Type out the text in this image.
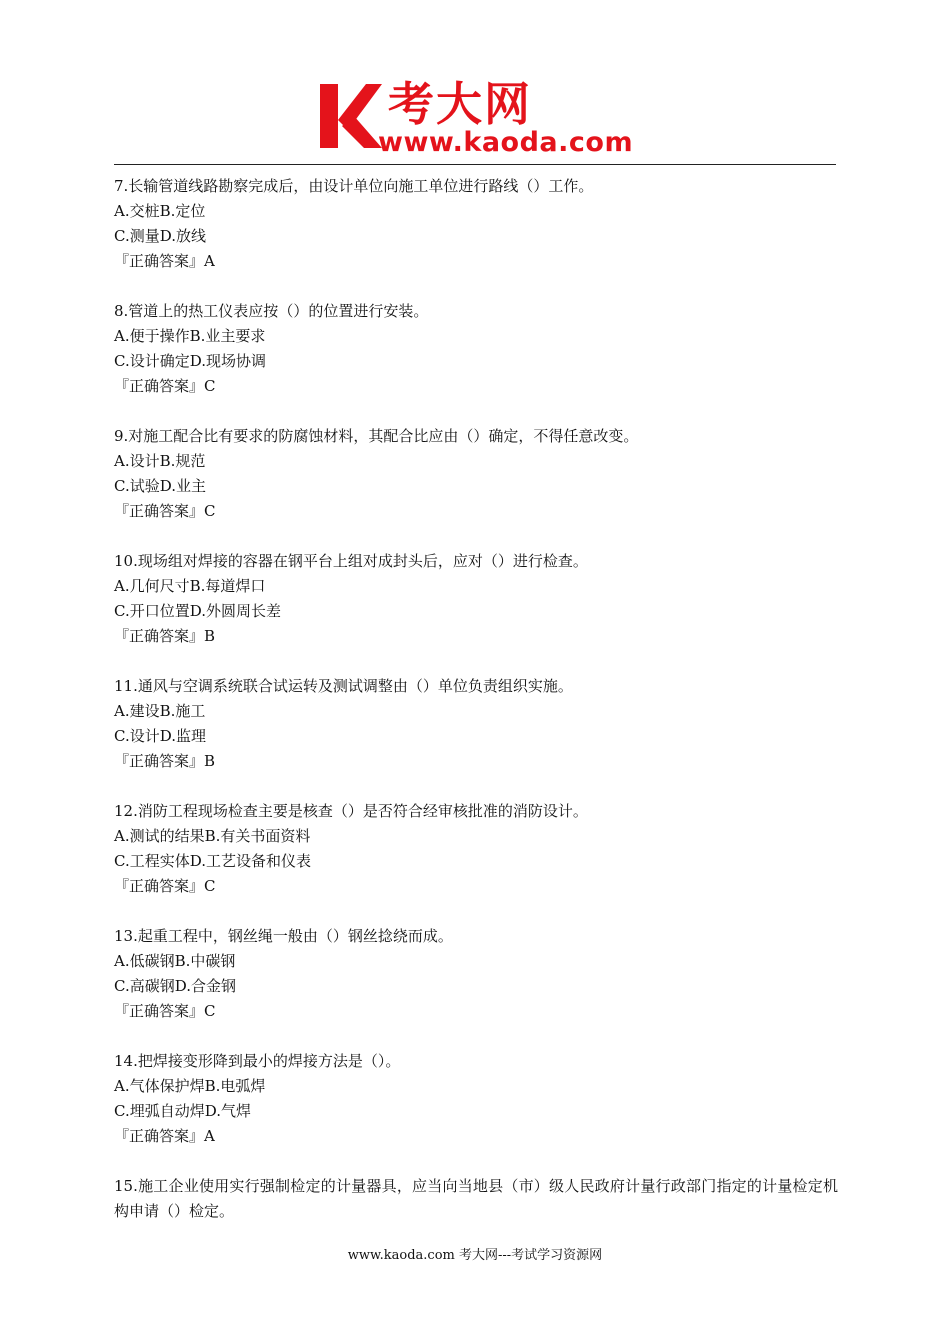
考大网
www.kaoda.com

7.长输管道线路勘察完成后，由设计单位向施工单位进行路线（）工作。

A.交桩B.定位

C.测量D.放线

『正确答案』A

8.管道上的热工仪表应按（）的位置进行安装。

A.便于操作B.业主要求

C.设计确定D.现场协调

『正确答案』C

9.对施工配合比有要求的防腐蚀材料，其配合比应由（）确定，不得任意改变。

A.设计B.规范

C.试验D.业主

『正确答案』C

10.现场组对焊接的容器在钢平台上组对成封头后，应对（）进行检查。

A.几何尺寸B.每道焊口

C.开口位置D.外圆周长差

『正确答案』B

11.通风与空调系统联合试运转及测试调整由（）单位负责组织实施。

A.建设B.施工

C.设计D.监理

『正确答案』B

12.消防工程现场检查主要是核查（）是否符合经审核批准的消防设计。

A.测试的结果B.有关书面资料

C.工程实体D.工艺设备和仪表

『正确答案』C

13.起重工程中，钢丝绳一般由（）钢丝捻绕而成。

A.低碳钢B.中碳钢

C.高碳钢D.合金钢

『正确答案』C

14.把焊接变形降到最小的焊接方法是（）。

A.气体保护焊B.电弧焊

C.埋弧自动焊D.气焊

『正确答案』A

15.施工企业使用实行强制检定的计量器具，应当向当地县（市）级人民政府计量行政部门指定的计量检定机构申请（）检定。

www.kaoda.com 考大网---考试学习资源网
